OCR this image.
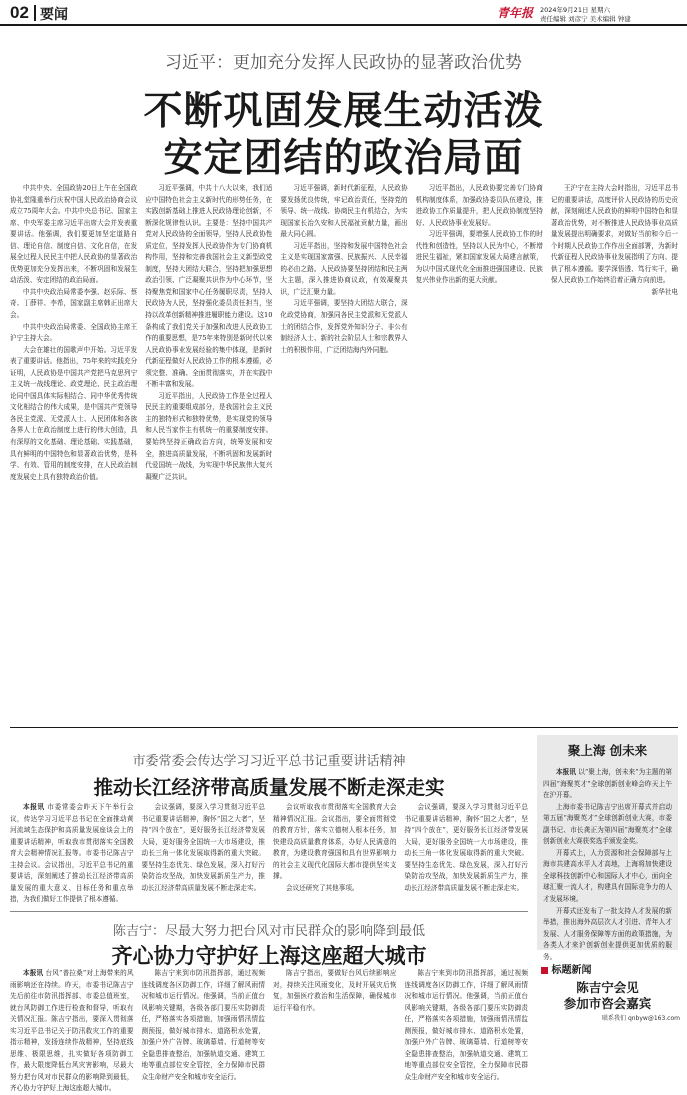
02 要闻	青年报 2024年9月21日 星期六
责任编辑 刘彦宁 美术编辑 钟建
习近平：更加充分发挥人民政协的显著政治优势
不断巩固发展生动活泼
安定团结的政治局面

中共中央、全国政协20日上午在全国政协礼堂隆重举行庆祝中国人民政治协商会议成立75周年大会。中共中央总书记、国家主席、中央军委主席习近平出席大会并发表重要讲话。他强调，我们要更加坚定道路自信、理论自信、制度自信、文化自信，在发展全过程人民民主中把人民政协的显著政治优势更加充分发挥出来，不断巩固和发展生动活泼、安定团结的政治局面。

中共中央政治局常委李强、赵乐际、蔡奇、丁薛祥、李希，国家副主席韩正出席大会。

中共中央政治局常委、全国政协主席王沪宁主持大会。

大会在雄壮的国歌声中开始。习近平发表了重要讲话。他指出，75年来的实践充分证明，人民政协是中国共产党把马克思列宁主义统一战线理论、政党理论、民主政治理论同中国具体实际相结合、同中华优秀传统文化相结合的伟大成果，是中国共产党领导各民主党派、无党派人士、人民团体和各族各界人士在政治制度上进行的伟大创造，具有深厚的文化基础、理论基础、实践基础，具有鲜明的中国特色和显著政治优势，是科学、有效、管用的制度安排，在人民政治制度发展史上具有独特政治价值。

习近平强调，中共十八大以来，我们适应中国特色社会主义新时代的形势任务，在实践创新基础上推进人民政协理论创新，不断深化规律性认识。主要是：坚持中国共产党对人民政协的全面领导，坚持人民政协性质定位，坚持发挥人民政协作为专门协商机构作用，坚持和完善我国社会主义新型政党制度，坚持大团结大联合，坚持把加强思想政治引领、广泛凝聚共识作为中心环节，坚持聚焦党和国家中心任务履职尽责，坚持人民政协为人民，坚持强化委员责任担当，坚持以改革创新精神推进履职能力建设。这10条构成了我们党关于加强和改进人民政协工作的重要思想，是75年来特别是新时代以来人民政协事业发展经验的集中体现，是新时代新征程做好人民政协工作的根本遵循，必须完整、准确、全面贯彻落实，并在实践中不断丰富和发展。

习近平指出，人民政协工作是全过程人民民主的重要组成部分，是我国社会主义民主的独特形式和独特优势，是实现党的领导和人民当家作主有机统一的重要制度安排。要始终坚持正确政治方向，统筹发展和安全，推进高质量发展，不断巩固和发展新时代爱国统一战线，为实现中华民族伟大复兴凝聚广泛共识。

习近平强调，新时代新征程，人民政协要发扬优良传统，牢记政治责任，坚持党的领导、统一战线、协商民主有机结合，为实现国家长治久安和人民福祉贡献力量，画出最大同心圆。

习近平指出，坚持和发展中国特色社会主义是实现国家富强、民族振兴、人民幸福的必由之路。人民政协要坚持团结和民主两大主题，深入推进协商议政，有效凝聚共识，广泛汇聚力量。

习近平强调，要坚持大团结大联合，深化政党协商，加强同各民主党派和无党派人士的团结合作，发挥党外知识分子、非公有制经济人士、新的社会阶层人士和宗教界人士的积极作用，广泛团结海内外同胞。

习近平指出，人民政协要完善专门协商机构制度体系，加强政协委员队伍建设，推进政协工作质量提升，把人民政协制度坚持好、人民政协事业发展好。

习近平强调，要增强人民政协工作的时代性和创造性，坚持以人民为中心，不断增进民生福祉，紧扣国家发展大局建言献策，为以中国式现代化全面推进强国建设、民族复兴伟业作出新的更大贡献。

王沪宁在主持大会时指出，习近平总书记的重要讲话，高度评价人民政协的历史贡献，深刻阐述人民政协的鲜明中国特色和显著政治优势，对不断推进人民政协事业高质量发展提出明确要求，对做好当前和今后一个时期人民政协工作作出全面部署，为新时代新征程人民政协事业发展指明了方向、提供了根本遵循。要学深悟透、笃行实干，确保人民政协工作始终沿着正确方向前进。

新华社电

市委常委会传达学习习近平总书记重要讲话精神
推动长江经济带高质量发展不断走深走实

本报讯 市委常委会昨天下午举行会议，传达学习习近平总书记在全面推动黄河流域生态保护和高质量发展座谈会上的重要讲话精神，听取我市贯彻落实全国教育大会精神情况汇报等。市委书记陈吉宁主持会议。会议指出，习近平总书记的重要讲话，深刻阐述了推动长江经济带高质量发展的重大意义、目标任务和重点举措，为我们做好工作提供了根本遵循。

会议强调，要深入学习贯彻习近平总书记重要讲话精神，胸怀“国之大者”，坚持“四个放在”，更好服务长江经济带发展大局，更好服务全国统一大市场建设，推动长三角一体化发展取得新的重大突破。要坚持生态优先、绿色发展，深入打好污染防治攻坚战，加快发展新质生产力，推动长江经济带高质量发展不断走深走实。

会议听取我市贯彻落实全国教育大会精神情况汇报。会议指出，要全面贯彻党的教育方针，落实立德树人根本任务，加快建设高质量教育体系，办好人民满意的教育，为建设教育强国和具有世界影响力的社会主义现代化国际大都市提供坚实支撑。

会议还研究了其他事项。

会议强调，要深入学习贯彻习近平总书记重要讲话精神，胸怀“国之大者”，坚持“四个放在”，更好服务长江经济带发展大局，更好服务全国统一大市场建设，推动长三角一体化发展取得新的重大突破。要坚持生态优先、绿色发展，深入打好污染防治攻坚战，加快发展新质生产力，推动长江经济带高质量发展不断走深走实。

陈吉宁：尽最大努力把台风对市民群众的影响降到最低
齐心协力守护好上海这座超大城市

本报讯 台风“普拉桑”对上海带来的风雨影响还在持续。昨天，市委书记陈吉宁先后前往市防汛指挥部、市委总值班室，就台风防御工作进行检查和督导，听取有关情况汇报。陈吉宁指出，要深入贯彻落实习近平总书记关于防汛救灾工作的重要指示精神，发扬连续作战精神，坚持底线思维、极限思维，扎实做好各项防御工作，最大限度降低台风灾害影响，尽最大努力把台风对市民群众的影响降到最低，齐心协力守护好上海这座超大城市。

陈吉宁来到市防汛指挥部，通过视频连线调度各区防御工作，详细了解风雨情况和城市运行情况。他强调，当前正值台风影响关键期，各级各部门要压实防御责任，严格落实各项措施，加强雨情汛情监测预报，做好城市排水、道路积水处置，加强户外广告牌、玻璃幕墙、行道树等安全隐患排查整治，加强轨道交通、建筑工地等重点部位安全管控，全力保障市民群众生命财产安全和城市安全运行。

陈吉宁指出，要做好台风后续影响应对，持续关注风雨变化，及时开展灾后恢复，加强医疗救治和生活保障，确保城市运行平稳有序。

陈吉宁来到市防汛指挥部，通过视频连线调度各区防御工作，详细了解风雨情况和城市运行情况。他强调，当前正值台风影响关键期，各级各部门要压实防御责任，严格落实各项措施，加强雨情汛情监测预报，做好城市排水、道路积水处置，加强户外广告牌、玻璃幕墙、行道树等安全隐患排查整治，加强轨道交通、建筑工地等重点部位安全管控，全力保障市民群众生命财产安全和城市安全运行。

聚上海 创未来

本报讯 以“聚上海，创未来”为主题的第四届“海聚英才”全球创新创业峰会昨天上午在沪开幕。

上海市委书记陈吉宁出席开幕式并启动第五届“海聚英才”全球创新创业大赛，市委副书记、市长龚正为第四届“海聚英才”全球创新创业大赛获奖选手颁发金奖。

开幕式上，人力资源和社会保障部与上海市共建高水平人才高地，上海将加快建设全球科技创新中心和国际人才中心，面向全球汇聚一流人才，构建具有国际竞争力的人才发展环境。

开幕式还发布了一批支持人才发展的新举措，推出海外高层次人才引进、青年人才发展、人才服务保障等方面的政策措施，为各类人才来沪创新创业提供更加优质的服务。

标题新闻
陈吉宁会见
参加市咨会嘉宾
联系我们 qnbyw@163.com
